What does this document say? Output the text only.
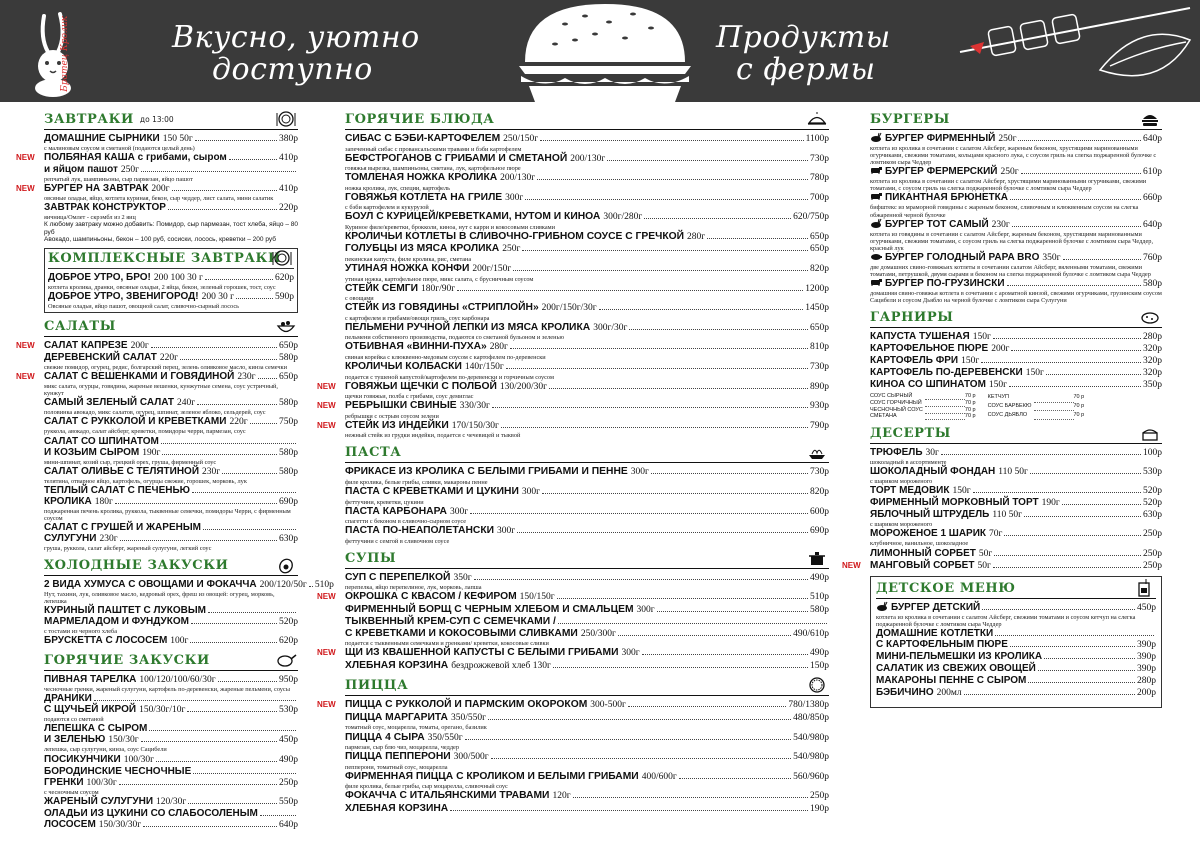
Братец Кролик	Вкусно, уютно
доступно
Продукты
с фермы
ЗАВТРАКИ до 13:00
ДОМАШНИЕ СЫРНИКИ 150 50г	380р
с малиновым соусом и сметаной (подаются целый день)
NEW ПОЛБЯНАЯ КАША с грибами, сыром	410р
и яйцом пашот 250г
репчатый лук, шампиньоны, сыр пармезан, яйцо пашот
NEW БУРГЕР НА ЗАВТРАК 200г	410р
овсяные оладьи, яйцо, котлета куриная, бекон, сыр чеддер, лист салата, мини салатик
ЗАВТРАК КОНСТРУКТОР	220р
яичница/Омлет - скрэмбл из 2 яиц
К любому завтраку можно добавить: Помидор, сыр пармезан, тост хлеба, яйцо – 80 руб
Авокадо, шампиньоны, бекон – 100 руб, сосиски, лосось, креветки – 200 руб
КОМПЛЕКСНЫЕ ЗАВТРАКИ
ДОБРОЕ УТРО, БРО! 200 100 30 г	620р
котлета кролика, дранки, овсяные оладьи, 2 яйца, бекон, зеленый горошек, тост, соус
ДОБРОЕ УТРО, ЗВЕНИГОРОД! 200 30 г	590р
Овсяные оладьи, яйцо пашот, овощной салат, сливочно-сырный лосось
САЛАТЫ
NEW САЛАТ КАПРЕЗЕ 200г	650р
ДЕРЕВЕНСКИЙ САЛАТ 220г	580р
свежие помидор, огурец, редис, болгарский перец, зелень оливковое масло, кинза семечки
NEW САЛАТ С ВЕШЕНКАМИ И ГОВЯДИНОЙ 230г 650р
микс салата, огурцы, говядина, жареные вешенки, кунжутные семена, соус устричный, кунжут
САМЫЙ ЗЕЛЕНЫЙ САЛАТ 240г	580р
половинка авокадо, микс салатов, огурец, шпинат, зеленое яблоко, сельдерей, соус
САЛАТ С РУККОЛОЙ И КРЕВЕТКАМИ 220г	750р
руккола, авокадо, салат айсберг, креветки, помидоры черри, пармезан, соус
САЛАТ СО ШПИНАТОМ
И КОЗЬИМ СЫРОМ 190г	580р
мини-шпинат, козий сыр, грецкий орех, груша, фирменный соус
САЛАТ ОЛИВЬЕ С ТЕЛЯТИНОЙ 230г	580р
телятина, отварное яйцо, картофель, огурцы свежие, горошек, морковь, лук
ТЕПЛЫЙ САЛАТ С ПЕЧЕНЬЮ
КРОЛИКА 180г	690р
поджаренная печень кролика, руккола, тыквенные семечки, помидоры Черри, с фирменным соусом
САЛАТ С ГРУШЕЙ И ЖАРЕНЫМ
СУЛУГУНИ 230г	630р
груша, руккола, салат айсберг, жареный сулугуни, легкий соус
ХОЛОДНЫЕ ЗАКУСКИ
2 ВИДА ХУМУСА С ОВОЩАМИ И ФОКАЧЧА 200/120/50г 510р
Нут, тахини, лук, оливковое масло, кедровый орех, фреш из овощей: огурец, морковь, лепешка
КУРИНЫЙ ПАШТЕТ С ЛУКОВЫМ
МАРМЕЛАДОМ И ФУНДУКОМ	520р
с тостами из черного хлеба
БРУСКЕТТА С ЛОСОСЕМ 100г	620р
ГОРЯЧИЕ ЗАКУСКИ
ПИВНАЯ ТАРЕЛКА 100/120/100/60/30г	950р
чесночные гренки, жареный сулугуни, картофель по-деревенски, жареные пельмени, соусы
ДРАНИКИ
С ЩУЧЬЕЙ ИКРОЙ 150/30г/10г	530р
подаются со сметаной
ЛЕПЕШКА С СЫРОМ
И ЗЕЛЕНЬЮ 150/30г	450р
лепешка, сыр сулугуни, кинза, соус Сацибели
ПОСИКУНЧИКИ 100/30г	490р
БОРОДИНСКИЕ ЧЕСНОЧНЫЕ
ГРЕНКИ 100/30г	250р
с чесночным соусом
ЖАРЕНЫЙ СУЛУГУНИ 120/30г	550р
ОЛАДЬИ ИЗ ЦУКИНИ СО СЛАБОСОЛЕНЫМ
ЛОСОСЕМ 150/30/30г	640р
ГОРЯЧИЕ БЛЮДА
СИБАС С БЭБИ-КАРТОФЕЛЕМ 250/150г	1100р
запеченный сибас с провансальскими травами и бэби картофелем
БЕФСТРОГАНОВ С ГРИБАМИ И СМЕТАНОЙ 200/130г	730р
говяжья вырезка, шампиньоны, сметана, лук, картофельное пюре
ТОМЛЕНАЯ НОЖКА КРОЛИКА 200/130г	780р
ножка кролика, лук, специи, картофель
ГОВЯЖЬЯ КОТЛЕТА НА ГРИЛЕ 300г	700р
с бэби картофелем и кукурузой
БОУЛ С КУРИЦЕЙ/КРЕВЕТКАМИ, НУТОМ И КИНОА 300г/280г	620/750р
Куриное филе/креветки, брокколи, киноа, нут с карри и кокосовыми сливками
КРОЛИЧЬИ КОТЛЕТЫ В СЛИВОЧНО-ГРИБНОМ СОУСЕ С ГРЕЧКОЙ 280г	650р
ГОЛУБЦЫ ИЗ МЯСА КРОЛИКА 250г	650р
пекинская капуста, филе кролика, рис, сметана
УТИНАЯ НОЖКА КОНФИ 200г/150г	820р
утиная ножка, картофельное пюре, микс салата, с брусничным соусом
СТЕЙК СЕМГИ 180г/90г	1200р
с овощами
СТЕЙК ИЗ ГОВЯДИНЫ «СТРИПЛОЙН» 200г/150г/30г	1450р
с картофелем и грибами/овощи гриль, соус карбонара
ПЕЛЬМЕНИ РУЧНОЙ ЛЕПКИ ИЗ МЯСА КРОЛИКА 300г/30г	650р
пельмени собственного производства, подаются со сметаной бульоном и зеленью
ОТБИВНАЯ «ВИННИ-ПУХА» 280г	810р
свиная корейка с клюквенно-медовым соусом с картофелем по-деревенски
КРОЛИЧЬИ КОЛБАСКИ 140г/150г	730р
подается с тушеной капустой/картофелем по-деревенски и горчичным соусом
NEW ГОВЯЖЬИ ЩЕЧКИ С ПОЛБОЙ 130/200/30г	890р
щечки говяжьи, полба с грибами, соус демиглас
NEW РЕБРЫШКИ СВИНЫЕ 330/30г	930р
ребрышки с острым соусом зелени
NEW СТЕЙК ИЗ ИНДЕЙКИ 170/150/30г	790р
нежный стейк из грудки индейки, подается с чечевицей и тыквой
ПАСТА
ФРИКАСЕ ИЗ КРОЛИКА С БЕЛЫМИ ГРИБАМИ И ПЕННЕ 300г	730р
филе кролика, белые грибы, сливки, макароны пенне
ПАСТА С КРЕВЕТКАМИ И ЦУКИНИ 300г	820р
феттучини, креветки, цукини
ПАСТА КАРБОНАРА 300г	600р
спагетти с беконом в сливочно-сырном соусе
ПАСТА ПО-НЕАПОЛЕТАНСКИ 300г	690р
феттучини с семгой в сливочном соусе
СУПЫ
СУП С ПЕРЕПЕЛКОЙ 350г	490р
перепелка, яйцо перепелиное, лук, морковь, лапша
NEW ОКРОШКА С КВАСОМ / КЕФИРОМ 150/150г	510р
ФИРМЕННЫЙ БОРЩ С ЧЕРНЫМ ХЛЕБОМ И СМАЛЬЦЕМ 300г	580р
ТЫКВЕННЫЙ КРЕМ-СУП С СЕМЕЧКАМИ /
С КРЕВЕТКАМИ И КОКОСОВЫМИ СЛИВКАМИ 250/300г	490/610р
подается с тыквенными семечками и гренками/ креветки, кокосовые сливки
NEW ЩИ ИЗ КВАШЕННОЙ КАПУСТЫ С БЕЛЫМИ ГРИБАМИ 300г	490р
ХЛЕБНАЯ КОРЗИНА бездрожжевой хлеб 130г	150р
ПИЦЦА
NEW ПИЦЦА С РУККОЛОЙ И ПАРМСКИМ ОКОРОКОМ 300-500г	780/1380р
ПИЦЦА МАРГАРИТА 350/550г	480/850р
томатный соус, моцарелла, томаты, орегано, базилик
ПИЦЦА 4 СЫРА 350/550г	540/980р
пармезан, сыр блю чиз, моцарелла, чеддер
ПИЦЦА ПЕППЕРОНИ 300/500г	540/980р
пепперони, томатный соус, моцарелла
ФИРМЕННАЯ ПИЦЦА С КРОЛИКОМ И БЕЛЫМИ ГРИБАМИ 400/600г	560/960р
филе кролика, белые грибы, сыр моцарелла, сливочный соус
ФОКАЧЧА С ИТАЛЬЯНСКИМИ ТРАВАМИ 120г	250р
ХЛЕБНАЯ КОРЗИНА	190р
БУРГЕРЫ
БУРГЕР ФИРМЕННЫЙ 250г	640р
котлета из кролика в сочетании с салатом Айсберг, жареным беконом, хрустящими маринованными огурчиками, свежими томатами, кольцами красного лука, с соусом гриль на слегка поджаренной булочке с ломтиком сыра Чеддер
БУРГЕР ФЕРМЕРСКИЙ 250г	610р
котлета из кролика в сочетании с салатом Айсберг, хрустящими маринованными огурчиками, свежими томатами, с соусом гриль на слегка поджаренной булочке с ломтиком сыра Чеддер
ПИКАНТНАЯ БРЮНЕТКА	660р
бифштекс из мраморной говядины с жареным беконом, сливочным и клюквенным соусом на слегка обжаренной черной булочке
БУРГЕР ТОТ САМЫЙ 230г	640р
котлета из говядины в сочетании с салатом Айсберг, жареным беконом, хрустящими маринованными огурчиками, свежими томатами, с соусом гриль на слегка поджаренной булочке с ломтиком сыра Чеддер, красный лук
БУРГЕР ГОЛОДНЫЙ PAPA BRO 350г	760р
две домашних свино-говяжьих котлеты в сочетании салатом Айсберг, вяленными томатами, свежими томатами, петрушкой, двумя сырами и беконом на слегка поджаренной булочке с ломтиком сыра Чеддер
БУРГЕР ПО-ГРУЗИНСКИ	580р
домашняя свино-говяжья котлета в сочетании с ароматной кинзой, свежими огурчиками, грузинским соусом Сацибели и соусом Дьябло на черной булочке с ломтиком сыра Сулугуни
ГАРНИРЫ
КАПУСТА ТУШЕНАЯ 150г	280р
КАРТОФЕЛЬНОЕ ПЮРЕ 200г	320р
КАРТОФЕЛЬ ФРИ 150г	320р
КАРТОФЕЛЬ ПО-ДЕРЕВЕНСКИ 150г	320р
КИНОА СО ШПИНАТОМ 150г	350р
СОУС СЫРНЫЙ		70 р
СОУС ГОРЧИЧНЫЙ		70 р
ЧЕСНОЧНЫЙ СОУС		70 р
СМЕТАНА		70 р
КЕТЧУП		70 р
СОУС БАРБЕКЮ		70 р
СОУС ДЬЯБЛО		70 р
ДЕСЕРТЫ
ТРЮФЕЛЬ 30г	100р
шоколадный в ассортименте
ШОКОЛАДНЫЙ ФОНДАН 110 50г	530р
с шариком мороженого
ТОРТ МЕДОВИК 150г	520р
ФИРМЕННЫЙ МОРКОВНЫЙ ТОРТ 190г	520р
ЯБЛОЧНЫЙ ШТРУДЕЛЬ 110 50г	630р
с шариком мороженого
МОРОЖЕНОЕ 1 ШАРИК 70г	250р
клубничное, ванильное, шоколадное
ЛИМОННЫЙ СОРБЕТ 50г	250р
NEW МАНГОВЫЙ СОРБЕТ 50г	250р
ДЕТСКОЕ МЕНЮ
БУРГЕР ДЕТСКИЙ	450р
котлета из кролика в сочетании с салатом Айсберг, свежими томатами и соусом кетчуп на слегка поджаренной булочке с ломтиком сыра Чеддер
ДОМАШНИЕ КОТЛЕТКИ
С КАРТОФЕЛЬНЫМ ПЮРЕ	390р
МИНИ-ПЕЛЬМЕШКИ ИЗ КРОЛИКА	390р
САЛАТИК ИЗ СВЕЖИХ ОВОЩЕЙ	390р
МАКАРОНЫ ПЕННЕ С СЫРОМ	280р
БЭБИЧИНО 200мл	200р
